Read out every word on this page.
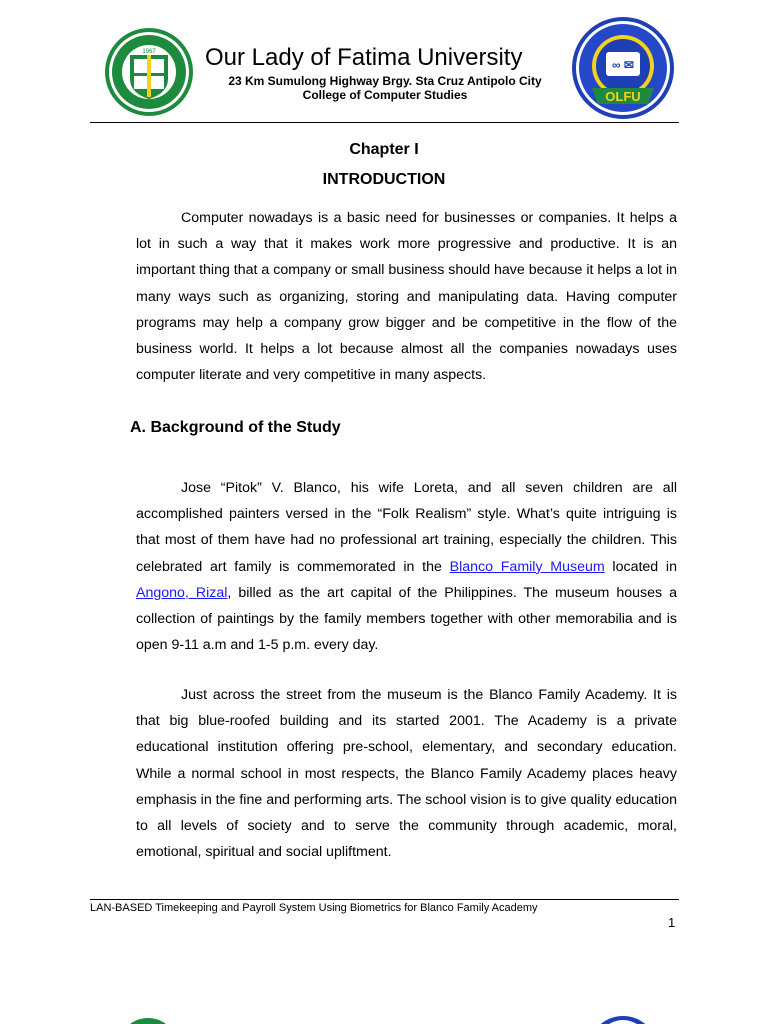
1967
∞ ✉
OLFU
Our Lady of Fatima University
23 Km Sumulong Highway Brgy. Sta Cruz Antipolo City
College of Computer Studies
Chapter I
INTRODUCTION

Computer nowadays is a basic need for businesses or companies. It helps a lot in such a way that it makes work more progressive and productive. It is an important thing that a company or small business should have because it helps a lot in many ways such as organizing, storing and manipulating data. Having computer programs may help a company grow bigger and be competitive in the flow of the business world. It helps a lot because almost all the companies nowadays uses computer literate and very competitive in many aspects.

A. Background of the Study

Jose “Pitok” V. Blanco, his wife Loreta, and all seven children are all accomplished painters versed in the “Folk Realism” style. What’s quite intriguing is that most of them have had no professional art training, especially the children. This celebrated art family is commemorated in the Blanco Family Museum located in Angono, Rizal, billed as the art capital of the Philippines. The museum houses a collection of paintings by the family members together with other memorabilia and is open 9-11 a.m and 1-5 p.m. every day.

Just across the street from the museum is the Blanco Family Academy. It is that big blue-roofed building and its started 2001. The Academy is a private educational institution offering pre-school, elementary, and secondary education. While a normal school in most respects, the Blanco Family Academy places heavy emphasis in the fine and performing arts. The school vision is to give quality education to all levels of society and to serve the community through academic, moral, emotional, spiritual and social upliftment.

LAN-BASED Timekeeping and Payroll System Using Biometrics for Blanco Family Academy
1
